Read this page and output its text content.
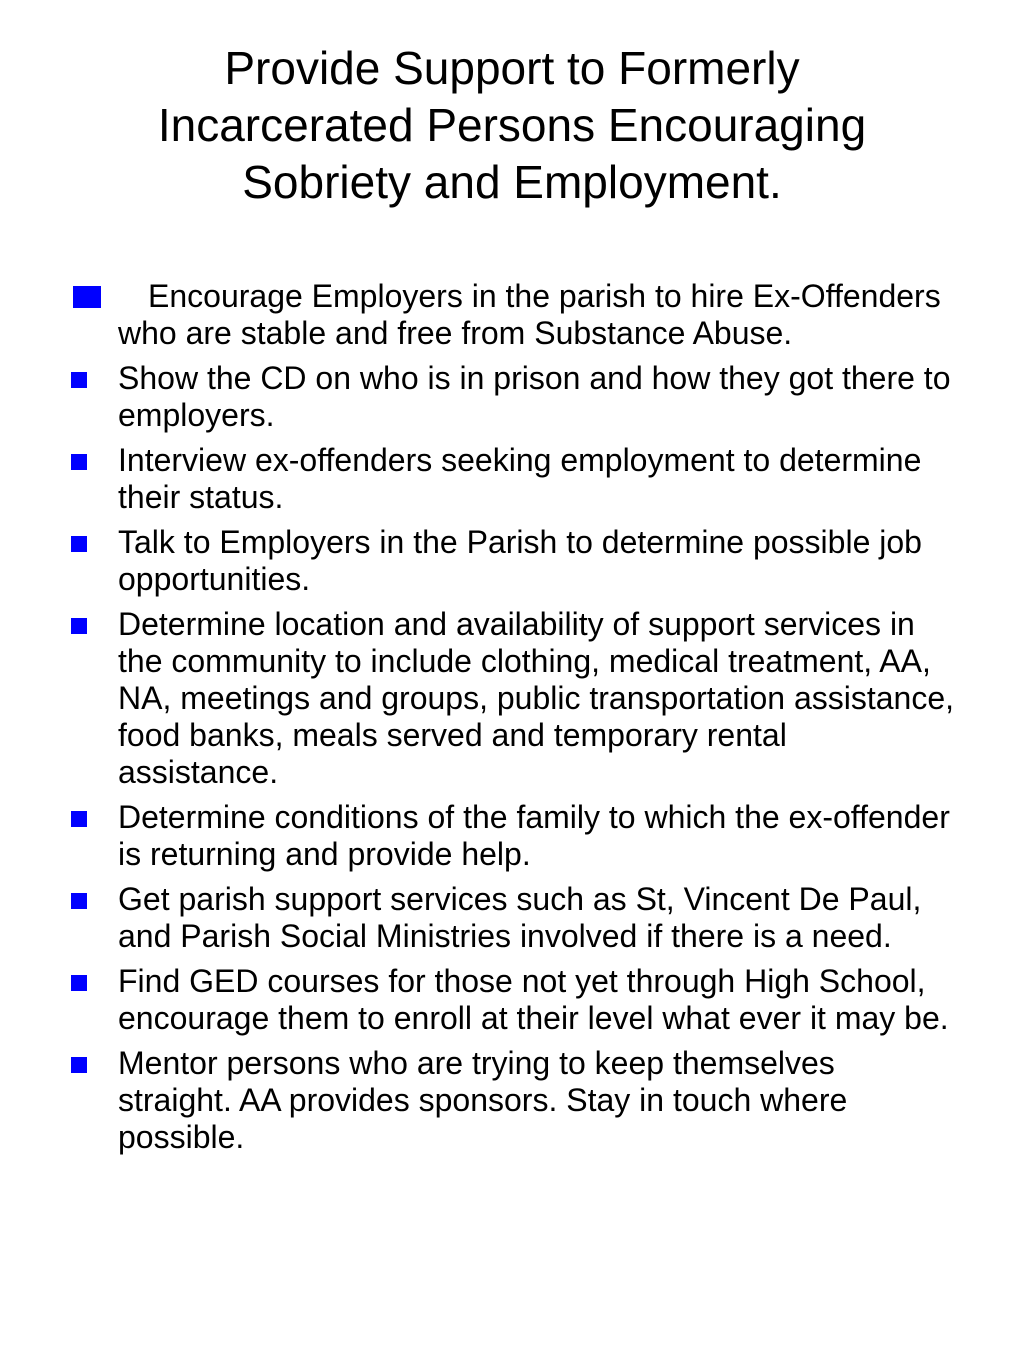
Provide Support to Formerly
Incarcerated Persons Encouraging
Sobriety and Employment.
Encourage Employers in the parish to hire Ex-Offenders who are stable and free from Substance Abuse.
Show the CD on who is in prison and how they got there to employers.
Interview ex-offenders seeking employment to determine their status.
Talk to Employers in the Parish to determine possible job opportunities.
Determine location and availability of support services in the community to include clothing, medical treatment, AA, NA, meetings and groups, public transportation assistance, food banks, meals served and temporary rental assistance.
Determine conditions of the family to which the ex-offender is returning and provide help.
Get parish support services such as St, Vincent De Paul, and Parish Social Ministries involved if there is a need.
Find GED courses for those not yet through High School, encourage them to enroll at their level what ever it may be.
Mentor persons who are trying to keep themselves straight. AA provides sponsors. Stay in touch where possible.
